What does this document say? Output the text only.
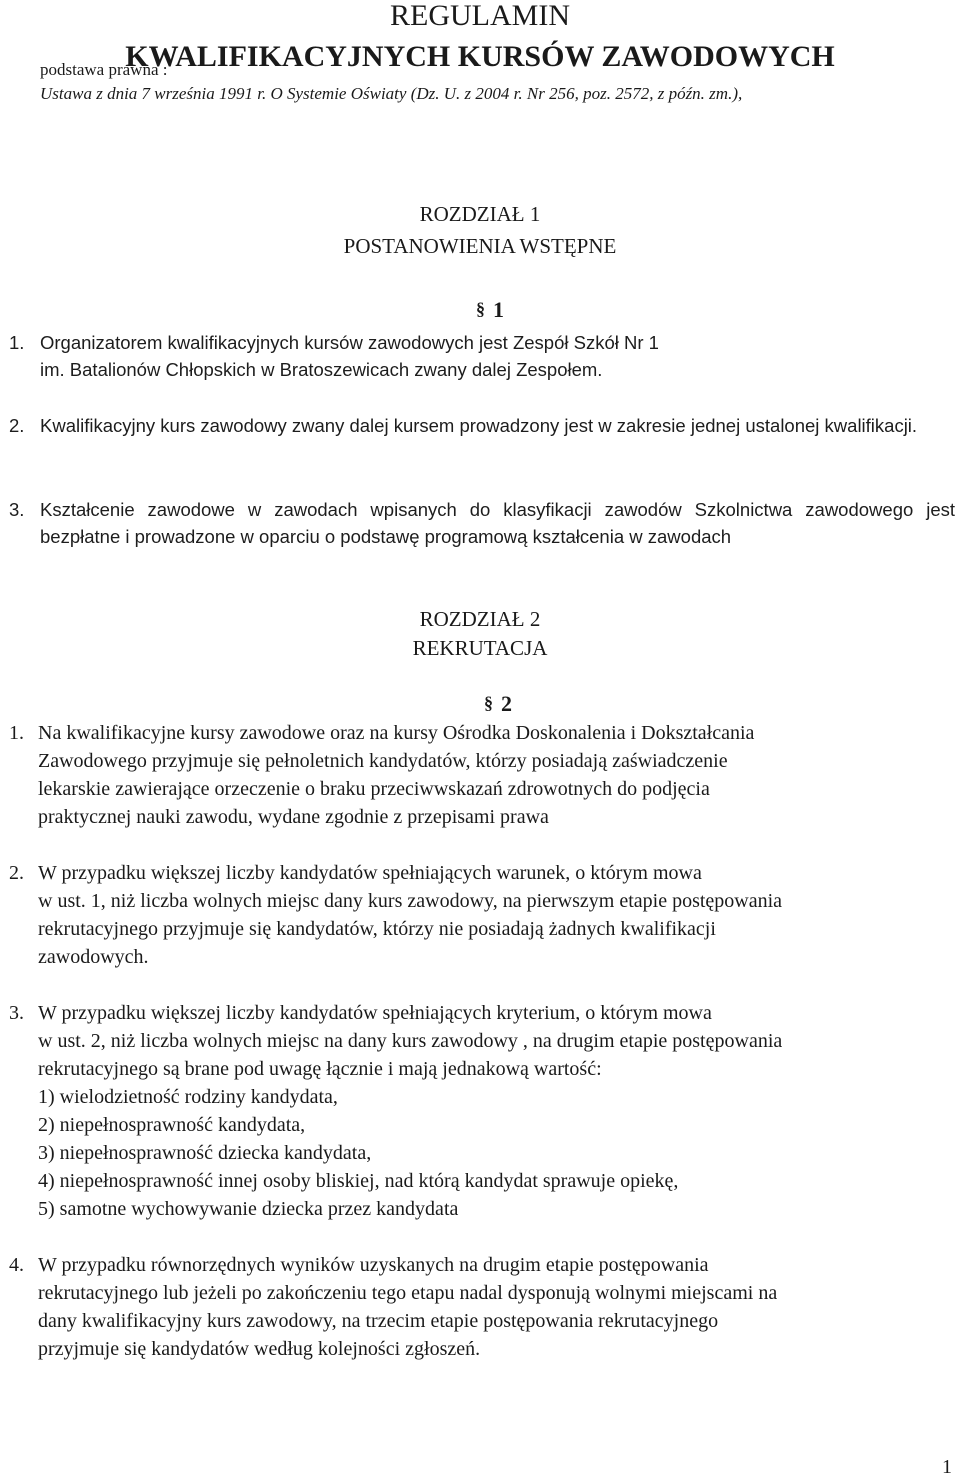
REGULAMIN
KWALIFIKACYJNYCH KURSÓW ZAWODOWYCH
podstawa prawna :
Ustawa z dnia 7 września 1991 r. O Systemie Oświaty (Dz. U. z 2004 r. Nr 256, poz. 2572, z późn. zm.),
ROZDZIAŁ 1
POSTANOWIENIA WSTĘPNE
§ 1
1. Organizatorem kwalifikacyjnych kursów zawodowych jest Zespół Szkół Nr 1
im. Batalionów Chłopskich w Bratoszewicach zwany dalej Zespołem.
2. Kwalifikacyjny kurs zawodowy zwany dalej kursem prowadzony jest w zakresie jednej ustalonej kwalifikacji.
3. Kształcenie zawodowe w zawodach wpisanych do klasyfikacji zawodów Szkolnictwa zawodowego jest bezpłatne i prowadzone w oparciu o podstawę programową kształcenia w zawodach
ROZDZIAŁ 2
REKRUTACJA
§ 2
1. Na kwalifikacyjne kursy zawodowe oraz na kursy Ośrodka Doskonalenia i Dokształcania
Zawodowego przyjmuje się pełnoletnich kandydatów, którzy posiadają zaświadczenie
lekarskie zawierające orzeczenie o braku przeciwwskazań zdrowotnych do podjęcia
praktycznej nauki zawodu, wydane zgodnie z przepisami prawa
2. W przypadku większej liczby kandydatów spełniających warunek, o którym mowa
w ust. 1, niż liczba wolnych miejsc dany kurs zawodowy, na pierwszym etapie postępowania
rekrutacyjnego przyjmuje się kandydatów, którzy nie posiadają żadnych kwalifikacji
zawodowych.
3. W przypadku większej liczby kandydatów spełniających kryterium, o którym mowa
w ust. 2, niż liczba wolnych miejsc na dany kurs zawodowy , na drugim etapie postępowania
rekrutacyjnego są brane pod uwagę łącznie i mają jednakową wartość:
1) wielodzietność rodziny kandydata,
2) niepełnosprawność kandydata,
3) niepełnosprawność dziecka kandydata,
4) niepełnosprawność innej osoby bliskiej, nad którą kandydat sprawuje opiekę,
5) samotne wychowywanie dziecka przez kandydata
4. W przypadku równorzędnych wyników uzyskanych na drugim etapie postępowania
rekrutacyjnego lub jeżeli po zakończeniu tego etapu nadal dysponują wolnymi miejscami na
dany kwalifikacyjny kurs zawodowy, na trzecim etapie postępowania rekrutacyjnego
przyjmuje się kandydatów według kolejności zgłoszeń.
1
